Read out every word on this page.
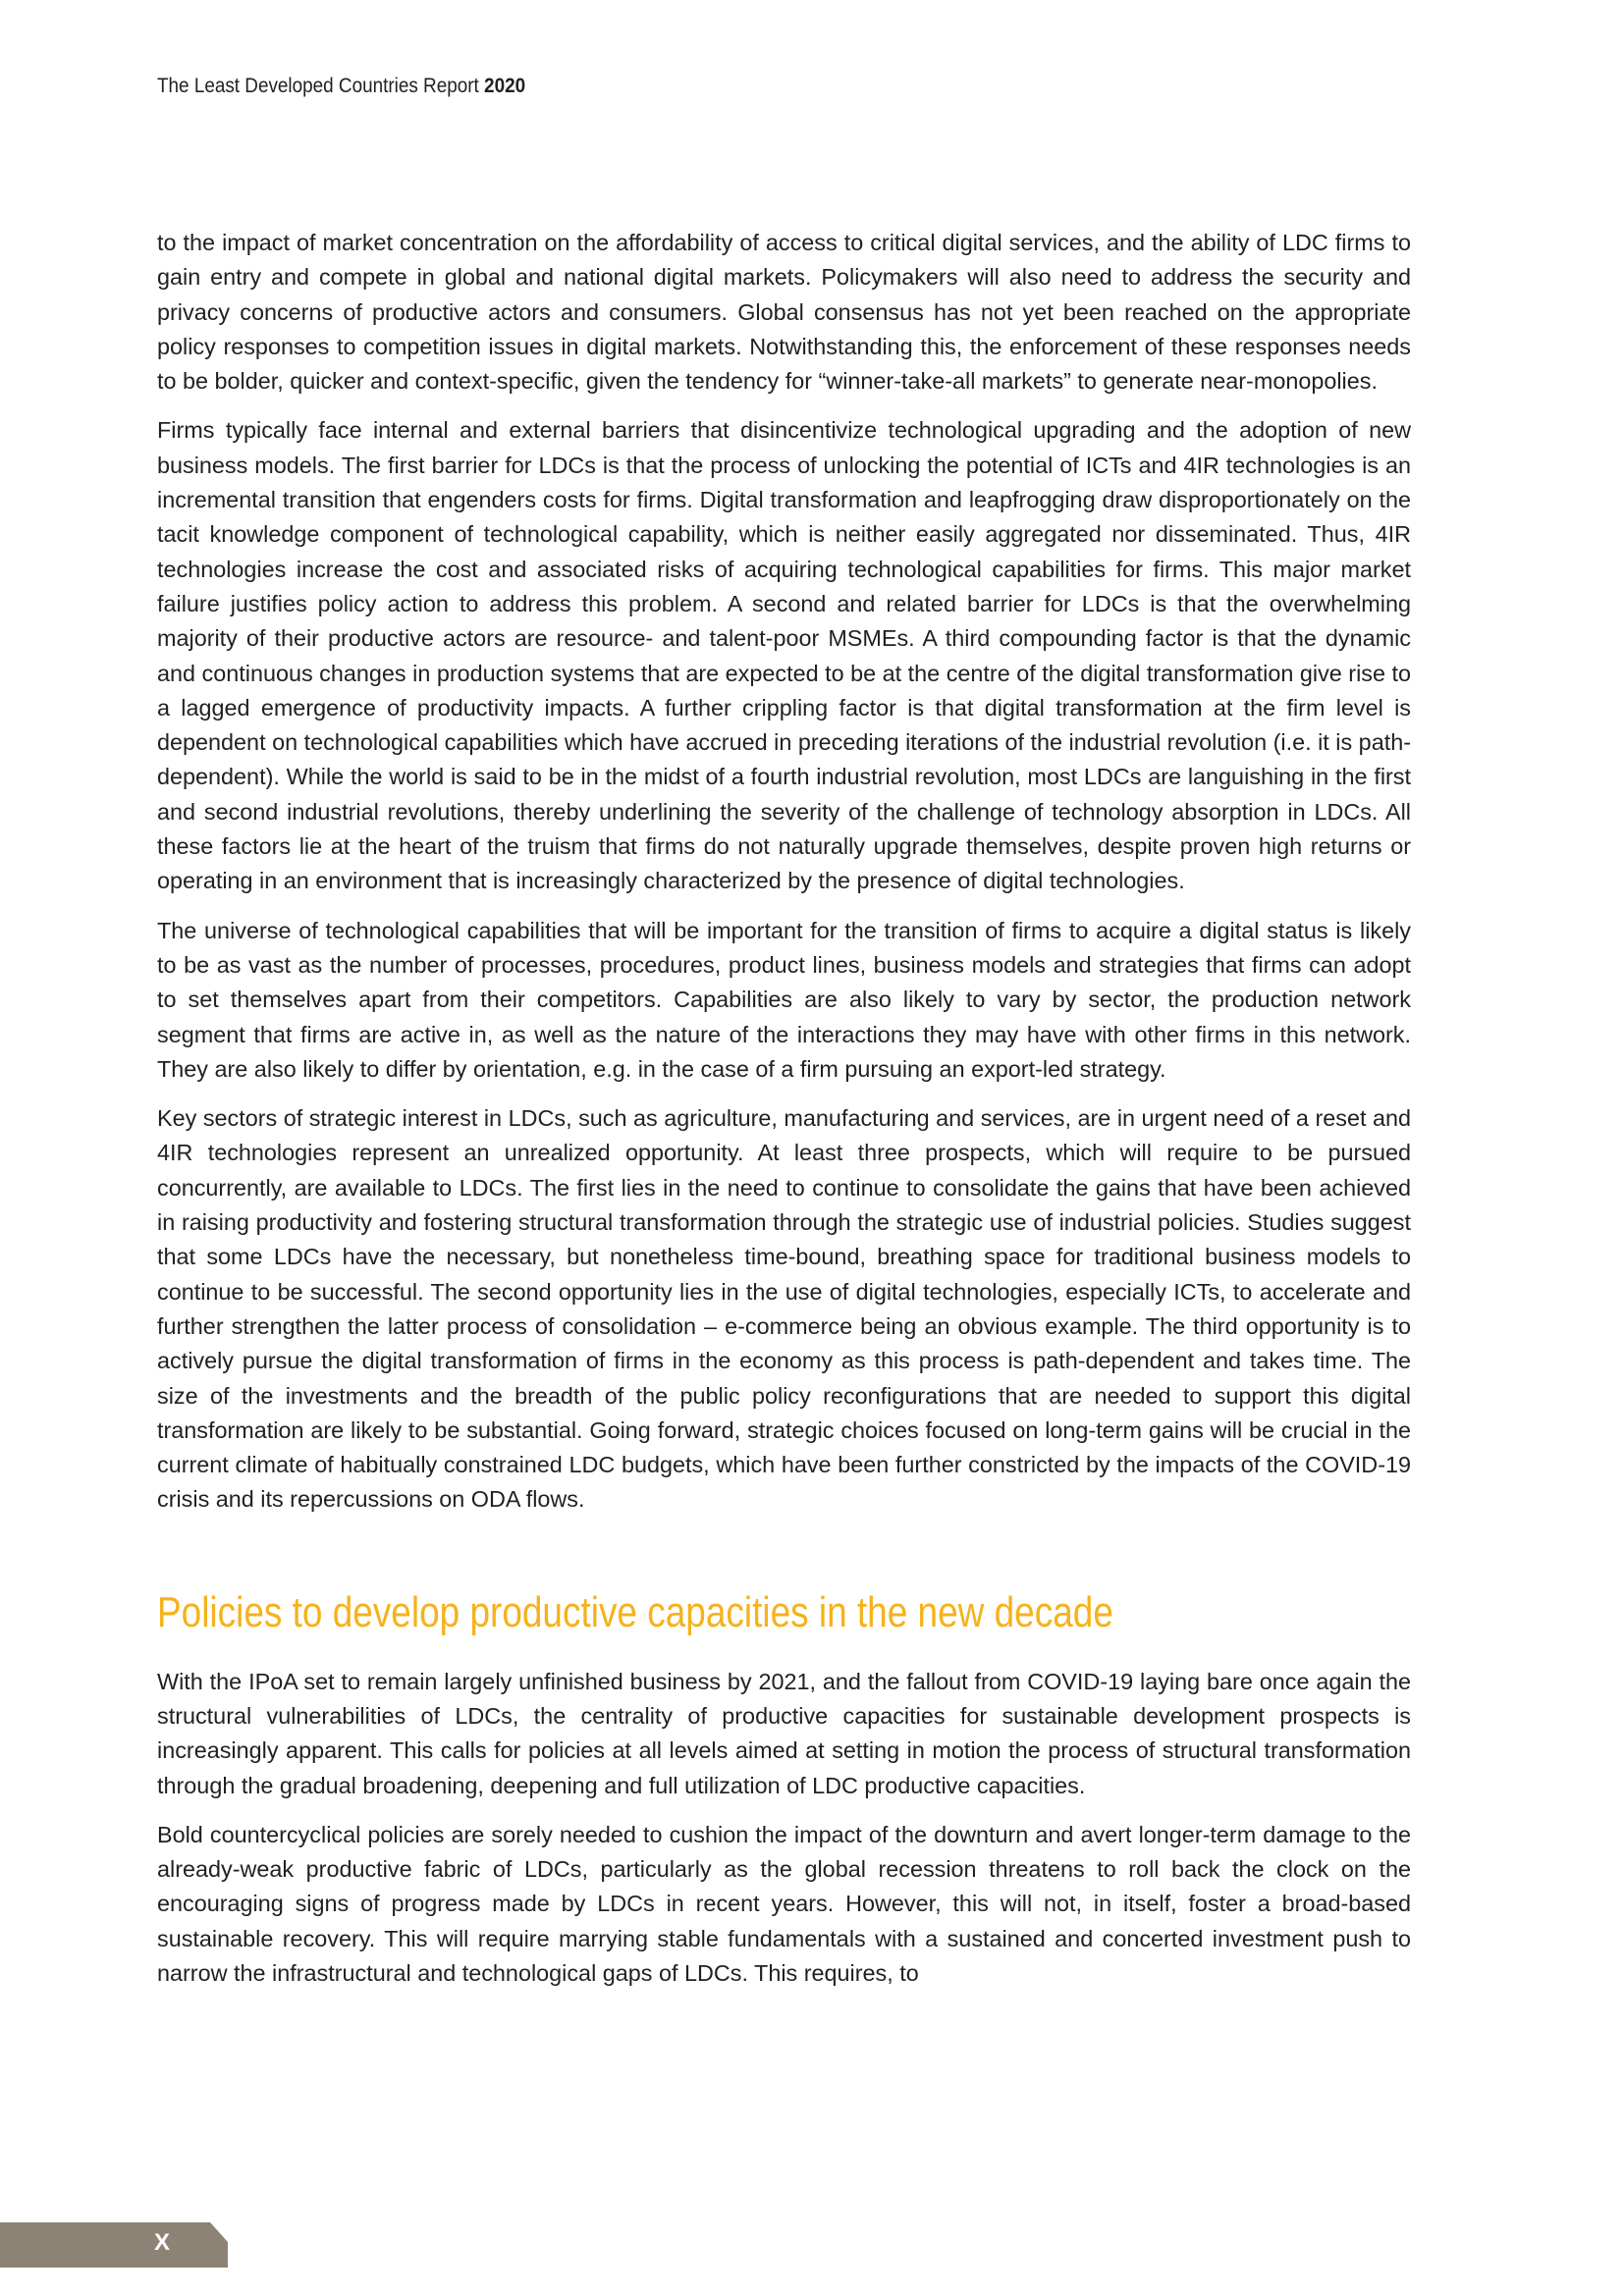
The Least Developed Countries Report 2020

to the impact of market concentration on the affordability of access to critical digital services, and the ability of LDC firms to gain entry and compete in global and national digital markets. Policymakers will also need to address the security and privacy concerns of productive actors and consumers. Global consensus has not yet been reached on the appropriate policy responses to competition issues in digital markets. Notwithstanding this, the enforcement of these responses needs to be bolder, quicker and context-specific, given the tendency for “winner-take-all markets” to generate near-monopolies.

Firms typically face internal and external barriers that disincentivize technological upgrading and the adoption of new business models. The first barrier for LDCs is that the process of unlocking the potential of ICTs and 4IR technologies is an incremental transition that engenders costs for firms. Digital transformation and leapfrogging draw disproportionately on the tacit knowledge component of technological capability, which is neither easily aggregated nor disseminated. Thus, 4IR technologies increase the cost and associated risks of acquiring technological capabilities for firms. This major market failure justifies policy action to address this problem. A second and related barrier for LDCs is that the overwhelming majority of their productive actors are resource- and talent-poor MSMEs. A third compounding factor is that the dynamic and continuous changes in production systems that are expected to be at the centre of the digital transformation give rise to a lagged emergence of productivity impacts. A further crippling factor is that digital transformation at the firm level is dependent on technological capabilities which have accrued in preceding iterations of the industrial revolution (i.e. it is path-dependent). While the world is said to be in the midst of a fourth industrial revolution, most LDCs are languishing in the first and second industrial revolutions, thereby underlining the severity of the challenge of technology absorption in LDCs. All these factors lie at the heart of the truism that firms do not naturally upgrade themselves, despite proven high returns or operating in an environment that is increasingly characterized by the presence of digital technologies.

The universe of technological capabilities that will be important for the transition of firms to acquire a digital status is likely to be as vast as the number of processes, procedures, product lines, business models and strategies that firms can adopt to set themselves apart from their competitors. Capabilities are also likely to vary by sector, the production network segment that firms are active in, as well as the nature of the interactions they may have with other firms in this network. They are also likely to differ by orientation, e.g. in the case of a firm pursuing an export-led strategy.

Key sectors of strategic interest in LDCs, such as agriculture, manufacturing and services, are in urgent need of a reset and 4IR technologies represent an unrealized opportunity. At least three prospects, which will require to be pursued concurrently, are available to LDCs. The first lies in the need to continue to consolidate the gains that have been achieved in raising productivity and fostering structural transformation through the strategic use of industrial policies. Studies suggest that some LDCs have the necessary, but nonetheless time-bound, breathing space for traditional business models to continue to be successful. The second opportunity lies in the use of digital technologies, especially ICTs, to accelerate and further strengthen the latter process of consolidation – e-commerce being an obvious example. The third opportunity is to actively pursue the digital transformation of firms in the economy as this process is path-dependent and takes time. The size of the investments and the breadth of the public policy reconfigurations that are needed to support this digital transformation are likely to be substantial. Going forward, strategic choices focused on long-term gains will be crucial in the current climate of habitually constrained LDC budgets, which have been further constricted by the impacts of the COVID-19 crisis and its repercussions on ODA flows.

Policies to develop productive capacities in the new decade

With the IPoA set to remain largely unfinished business by 2021, and the fallout from COVID-19 laying bare once again the structural vulnerabilities of LDCs, the centrality of productive capacities for sustainable development prospects is increasingly apparent. This calls for policies at all levels aimed at setting in motion the process of structural transformation through the gradual broadening, deepening and full utilization of LDC productive capacities.

Bold countercyclical policies are sorely needed to cushion the impact of the downturn and avert longer-term damage to the already-weak productive fabric of LDCs, particularly as the global recession threatens to roll back the clock on the encouraging signs of progress made by LDCs in recent years. However, this will not, in itself, foster a broad-based sustainable recovery. This will require marrying stable fundamentals with a sustained and concerted investment push to narrow the infrastructural and technological gaps of LDCs. This requires, to

X
